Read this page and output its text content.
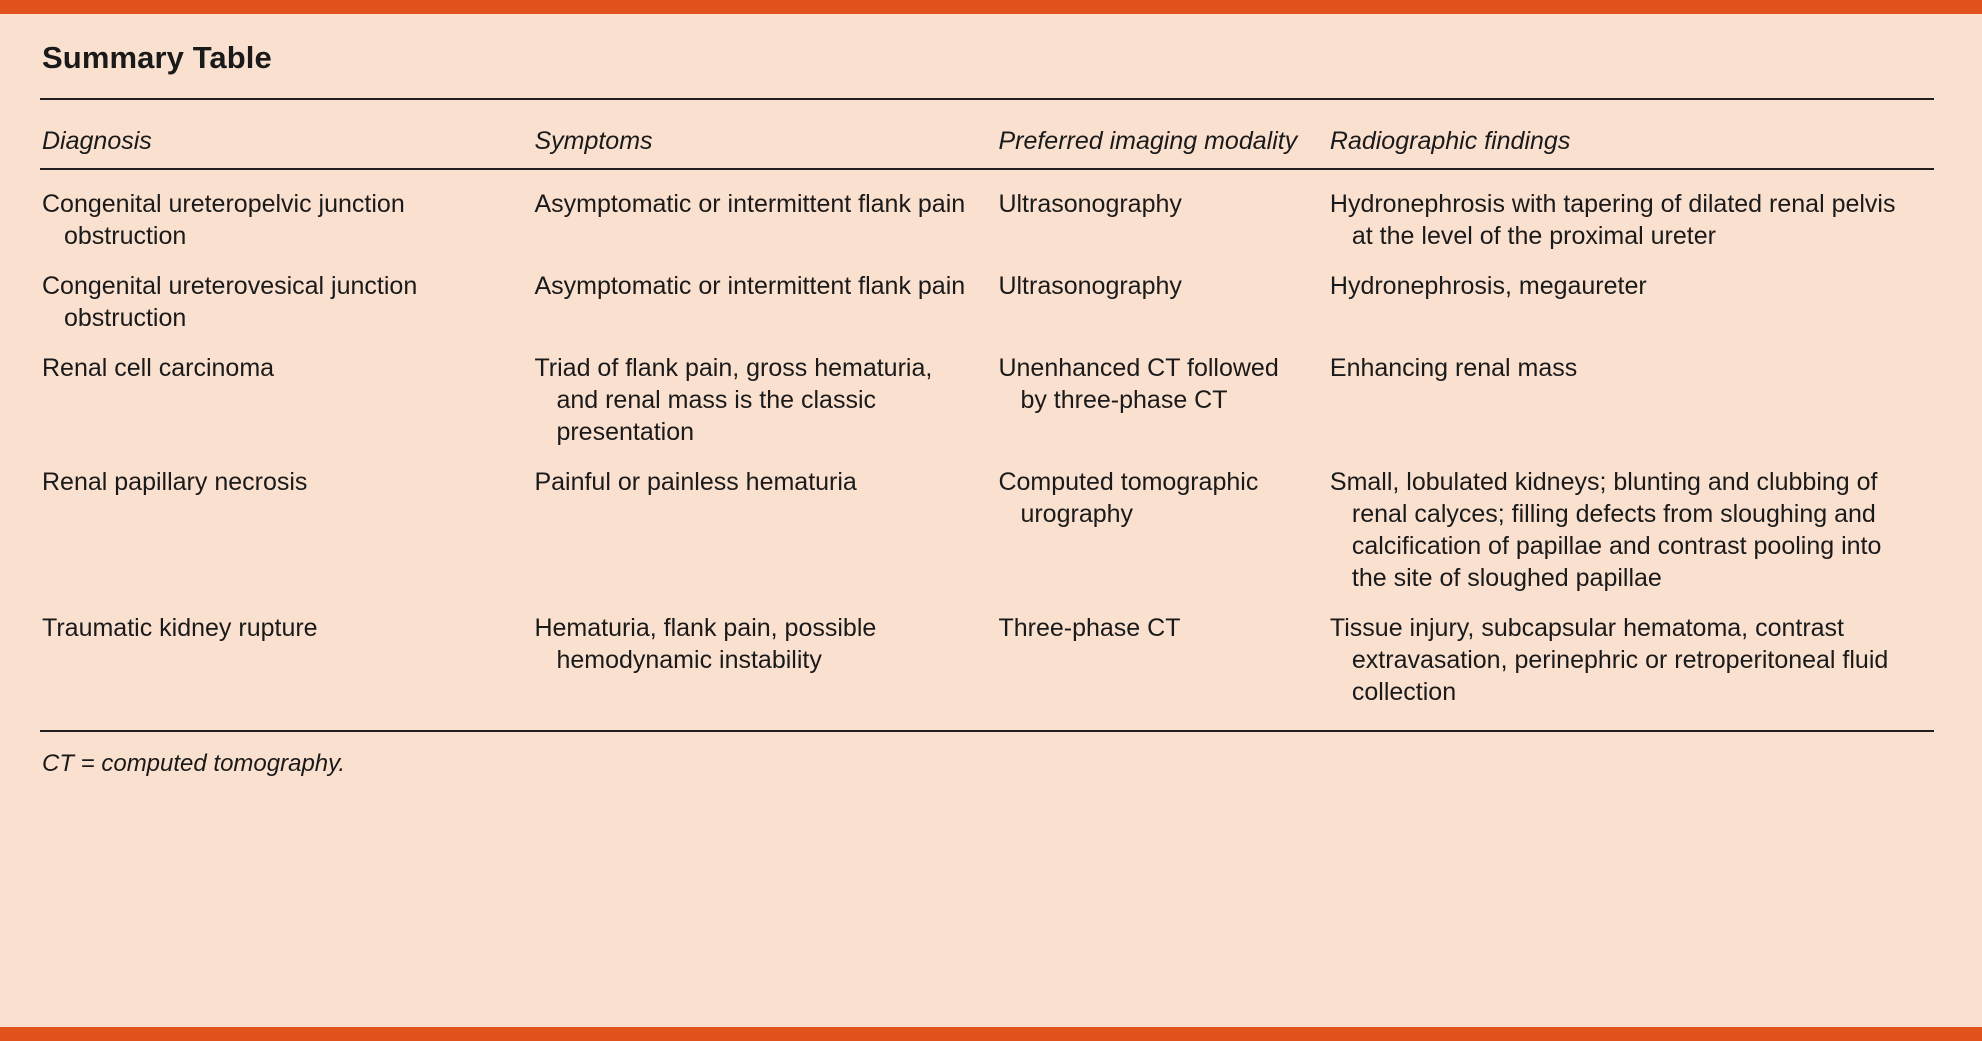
Summary Table
Diagnosis	Symptoms	Preferred imaging modality	Radiographic findings
Congenital ureteropelvic junction obstruction	Asymptomatic or intermittent flank pain	Ultrasonography	Hydronephrosis with tapering of dilated renal pelvis at the level of the proximal ureter
Congenital ureterovesical junction obstruction	Asymptomatic or intermittent flank pain	Ultrasonography	Hydronephrosis, megaureter
Renal cell carcinoma	Triad of flank pain, gross hematuria, and renal mass is the classic presentation	Unenhanced CT followed by three-phase CT	Enhancing renal mass
Renal papillary necrosis	Painful or painless hematuria	Computed tomographic urography	Small, lobulated kidneys; blunting and clubbing of renal calyces; filling defects from sloughing and calcification of papillae and contrast pooling into the site of sloughed papillae
Traumatic kidney rupture	Hematuria, flank pain, possible hemodynamic instability	Three-phase CT	Tissue injury, subcapsular hematoma, contrast extravasation, perinephric or retroperitoneal fluid collection
CT = computed tomography.
